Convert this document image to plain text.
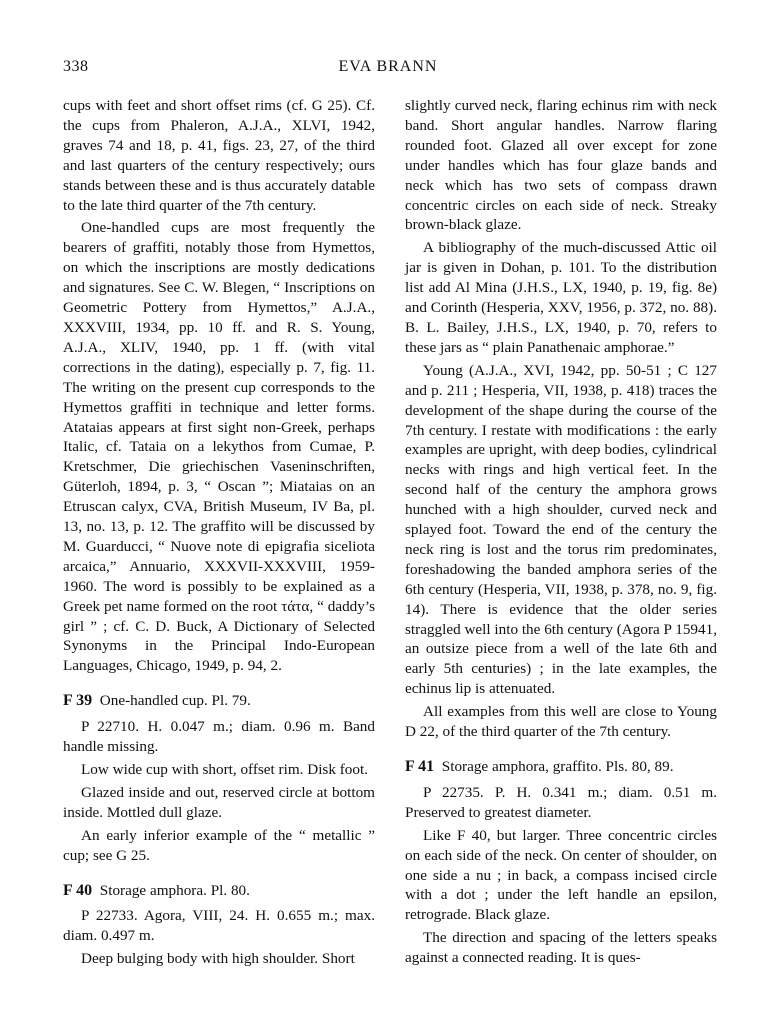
338	EVA BRANN

cups with feet and short offset rims (cf. G 25). Cf. the cups from Phaleron, A.J.A., XLVI, 1942, graves 74 and 18, p. 41, figs. 23, 27, of the third and last quarters of the century respectively; ours stands between these and is thus accurately datable to the late third quarter of the 7th century.

One-handled cups are most frequently the bearers of graffiti, notably those from Hymettos, on which the inscriptions are mostly dedications and signatures. See C. W. Blegen, “ Inscriptions on Geometric Pottery from Hymettos,” A.J.A., XXXVIII, 1934, pp. 10 ff. and R. S. Young, A.J.A., XLIV, 1940, pp. 1 ff. (with vital corrections in the dating), especially p. 7, fig. 11. The writing on the present cup corresponds to the Hymettos graffiti in technique and letter forms. Atataias appears at first sight non-Greek, perhaps Italic, cf. Tataia on a lekythos from Cumae, P. Kretschmer, Die griechischen Vaseninschriften, Güterloh, 1894, p. 3, “ Oscan ”; Miataias on an Etruscan calyx, CVA, British Museum, IV Ba, pl. 13, no. 13, p. 12. The graffito will be discussed by M. Guarducci, “ Nuove note di epigrafia siceliota arcaica,” Annuario, XXXVII-XXXVIII, 1959-1960. The word is possibly to be explained as a Greek pet name formed on the root τάτα, “ daddy’s girl ” ; cf. C. D. Buck, A Dictionary of Selected Synonyms in the Principal Indo-European Languages, Chicago, 1949, p. 94, 2.

F 39 One-handled cup. Pl. 79.

P 22710. H. 0.047 m.; diam. 0.96 m. Band handle missing.

Low wide cup with short, offset rim. Disk foot.

Glazed inside and out, reserved circle at bottom inside. Mottled dull glaze.

An early inferior example of the “ metallic ” cup; see G 25.

F 40 Storage amphora. Pl. 80.

P 22733. Agora, VIII, 24. H. 0.655 m.; max. diam. 0.497 m.

Deep bulging body with high shoulder. Short

slightly curved neck, flaring echinus rim with neck band. Short angular handles. Narrow flaring rounded foot. Glazed all over except for zone under handles which has four glaze bands and neck which has two sets of compass drawn concentric circles on each side of neck. Streaky brown-black glaze.

A bibliography of the much-discussed Attic oil jar is given in Dohan, p. 101. To the distribution list add Al Mina (J.H.S., LX, 1940, p. 19, fig. 8e) and Corinth (Hesperia, XXV, 1956, p. 372, no. 88). B. L. Bailey, J.H.S., LX, 1940, p. 70, refers to these jars as “ plain Panathenaic amphorae.”

Young (A.J.A., XVI, 1942, pp. 50-51 ; C 127 and p. 211 ; Hesperia, VII, 1938, p. 418) traces the development of the shape during the course of the 7th century. I restate with modifications : the early examples are upright, with deep bodies, cylindrical necks with rings and high vertical feet. In the second half of the century the amphora grows hunched with a high shoulder, curved neck and splayed foot. Toward the end of the century the neck ring is lost and the torus rim predominates, foreshadowing the banded amphora series of the 6th century (Hesperia, VII, 1938, p. 378, no. 9, fig. 14). There is evidence that the older series straggled well into the 6th century (Agora P 15941, an outsize piece from a well of the late 6th and early 5th centuries) ; in the late examples, the echinus lip is attenuated.

All examples from this well are close to Young D 22, of the third quarter of the 7th century.

F 41 Storage amphora, graffito. Pls. 80, 89.

P 22735. P. H. 0.341 m.; diam. 0.51 m. Preserved to greatest diameter.

Like F 40, but larger. Three concentric circles on each side of the neck. On center of shoulder, on one side a nu ; in back, a compass incised circle with a dot ; under the left handle an epsilon, retrograde. Black glaze.

The direction and spacing of the letters speaks against a connected reading. It is ques-
